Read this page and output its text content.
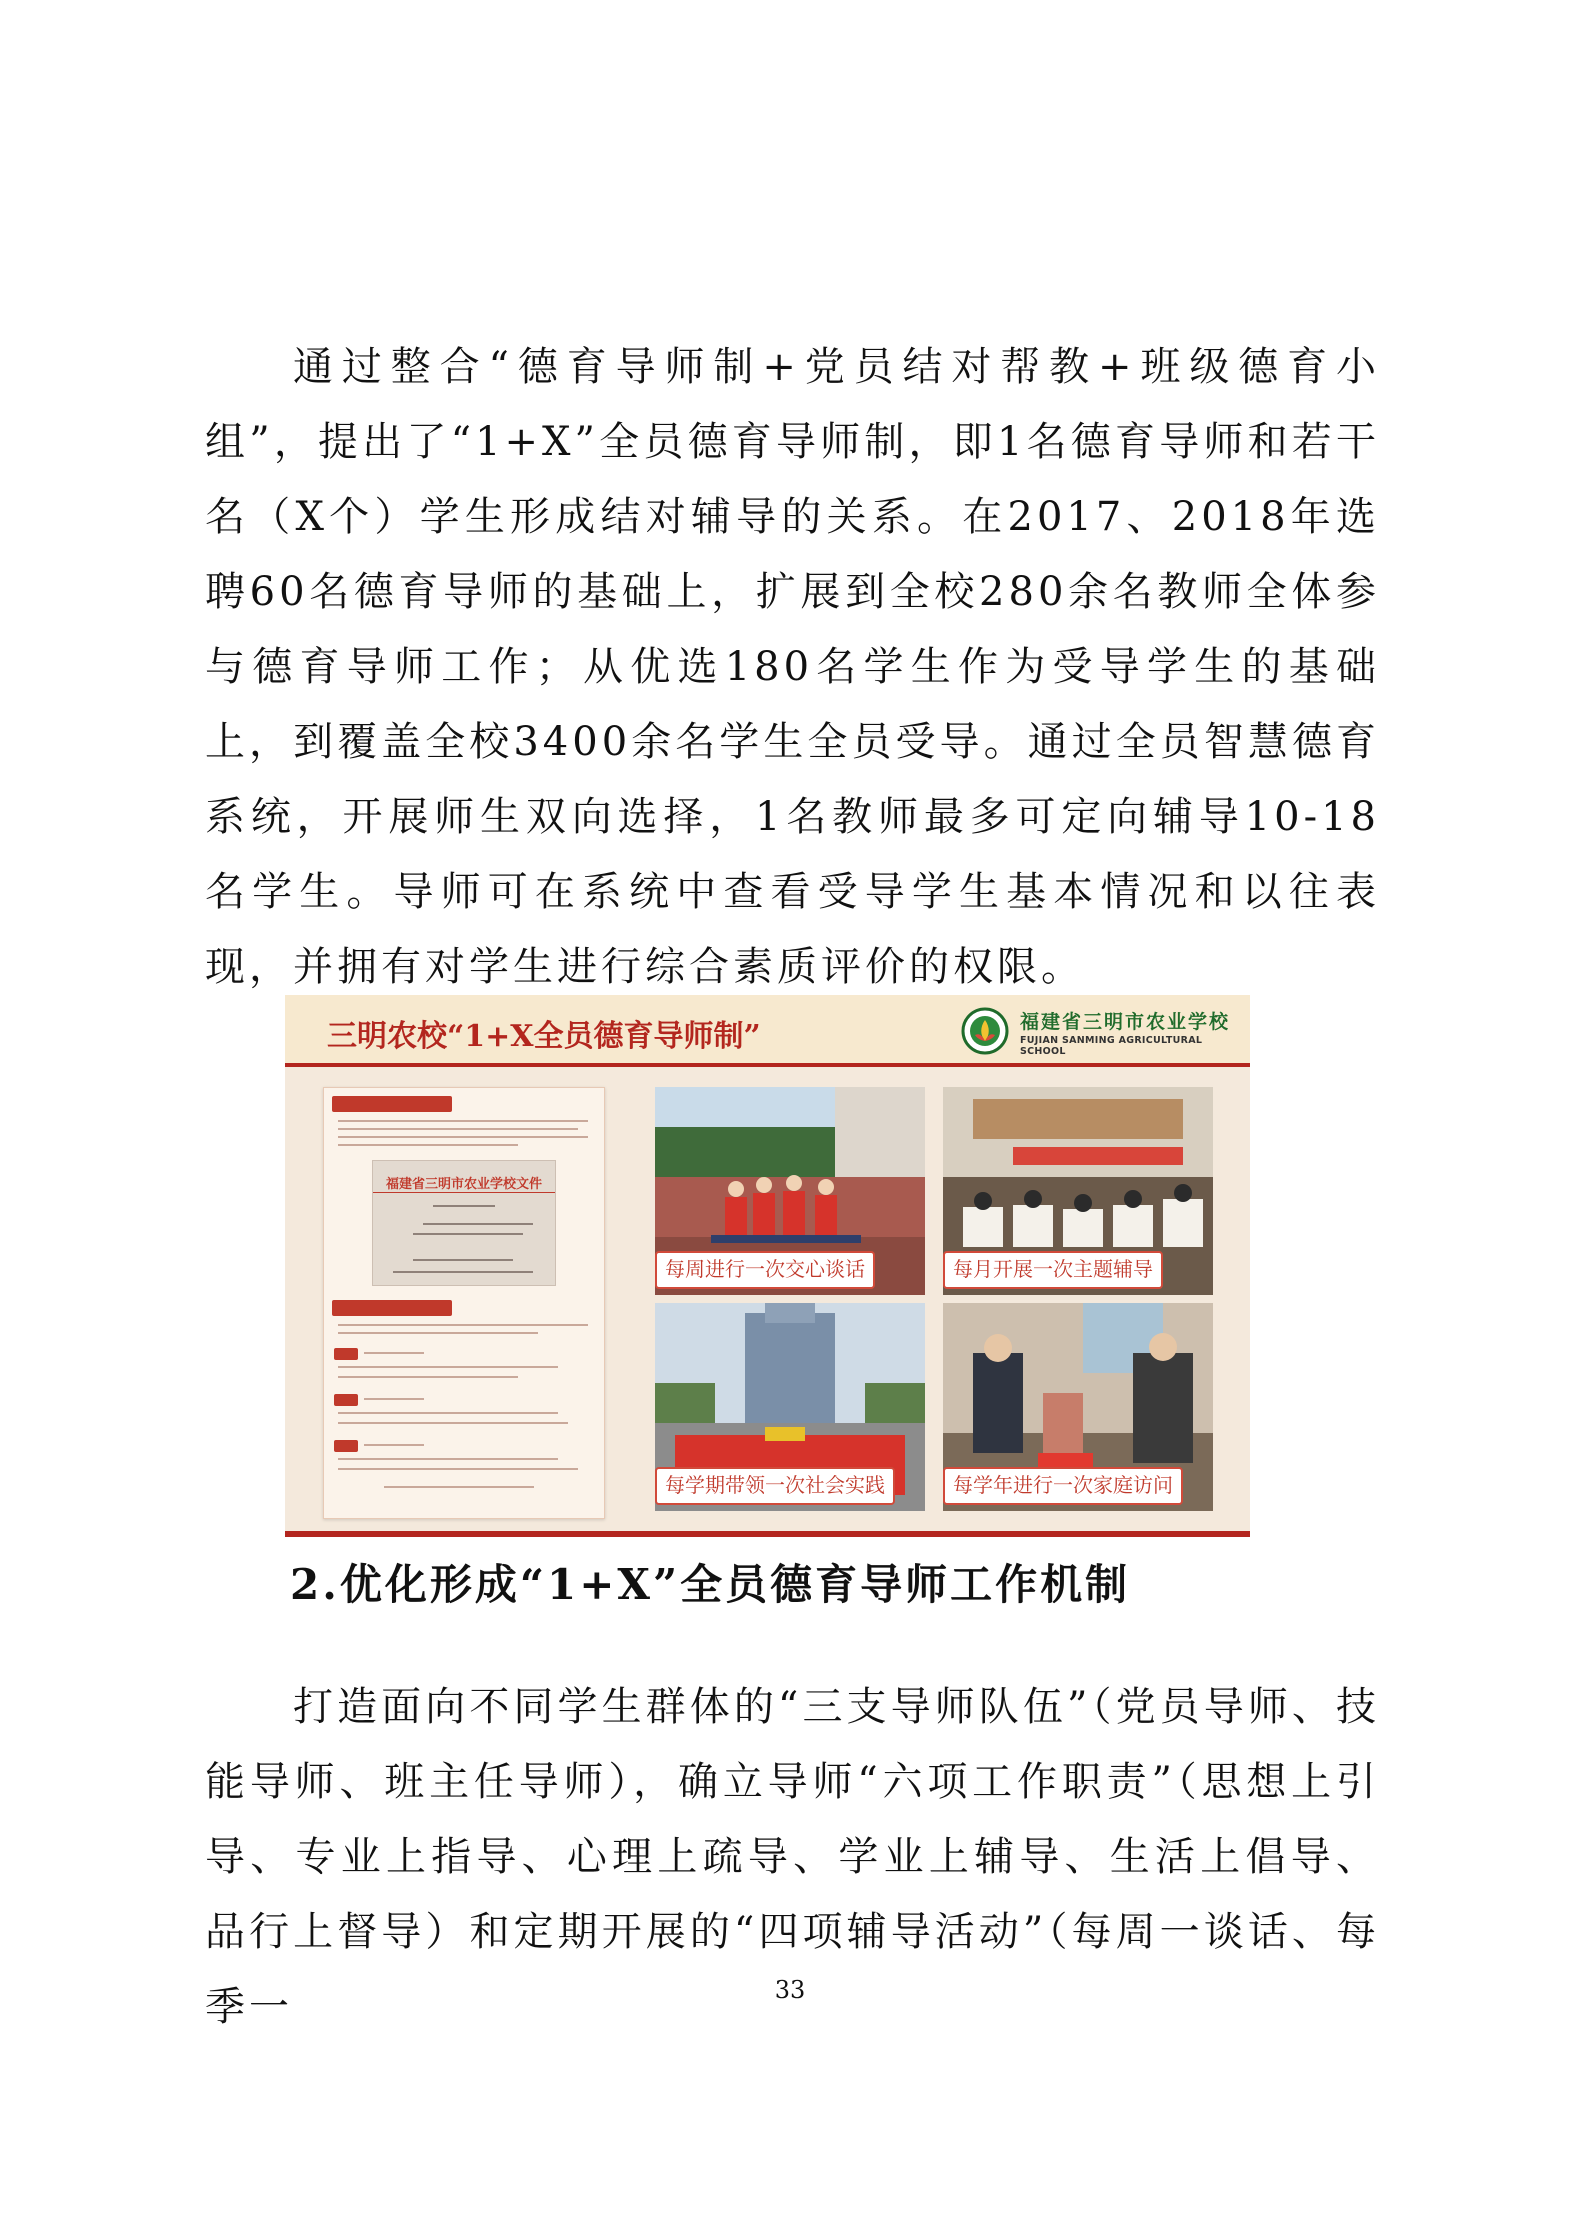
通过整合“德育导师制+党员结对帮教+班级德育小组”，提出了“1+X”全员德育导师制，即1名德育导师和若干名（X个）学生形成结对辅导的关系。在2017、2018年选聘60名德育导师的基础上，扩展到全校280余名教师全体参与德育导师工作；从优选180名学生作为受导学生的基础上，到覆盖全校3400余名学生全员受导。通过全员智慧德育系统，开展师生双向选择，1名教师最多可定向辅导10-18名学生。导师可在系统中查看受导学生基本情况和以往表现，并拥有对学生进行综合素质评价的权限。

三明农校“1+X全员德育导师制”	福建省三明市农业学校
FUJIAN SANMING AGRICULTURAL SCHOOL
福建省三明市农业学校文件
每周进行一次交心谈话	每月开展一次主题辅导
每学期带领一次社会实践	每学年进行一次家庭访问
2.优化形成“1+X”全员德育导师工作机制

打造面向不同学生群体的“三支导师队伍”（党员导师、技能导师、班主任导师），确立导师“六项工作职责”（思想上引导、专业上指导、心理上疏导、学业上辅导、生活上倡导、品行上督导）和定期开展的“四项辅导活动”（每周一谈话、每季一	33
